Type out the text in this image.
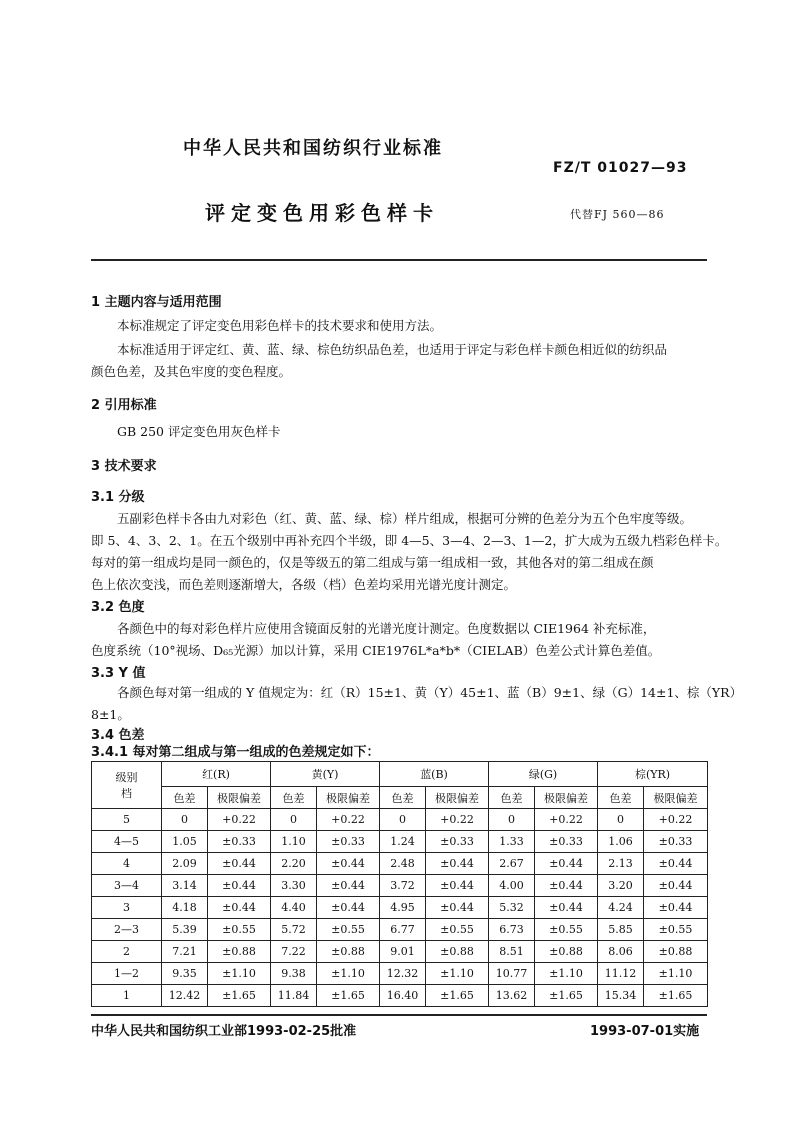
中华人民共和国纺织行业标准
FZ/T 01027—93
评定变色用彩色样卡	代替FJ 560—86
1 主题内容与适用范围
本标准规定了评定变色用彩色样卡的技术要求和使用方法。
本标准适用于评定红、黄、蓝、绿、棕色纺织品色差，也适用于评定与彩色样卡颜色相近似的纺织品
颜色色差，及其色牢度的变色程度。
2 引用标准
GB 250 评定变色用灰色样卡
3 技术要求
3.1 分级
五副彩色样卡各由九对彩色（红、黄、蓝、绿、棕）样片组成，根据可分辨的色差分为五个色牢度等级。
即 5、4、3、2、1。在五个级别中再补充四个半级，即 4—5、3—4、2—3、1—2，扩大成为五级九档彩色样卡。
每对的第一组成均是同一颜色的，仅是等级五的第二组成与第一组成相一致，其他各对的第二组成在颜
色上依次变浅，而色差则逐渐增大，各级（档）色差均采用光谱光度计测定。
3.2 色度
各颜色中的每对彩色样片应使用含镜面反射的光谱光度计测定。色度数据以 CIE1964 补充标准，
色度系统（10°视场、D₆₅光源）加以计算，采用 CIE1976L*a*b*（CIELAB）色差公式计算色差值。
3.3 Y 值
各颜色每对第一组成的 Y 值规定为：红（R）15±1、黄（Y）45±1、蓝（B）9±1、绿（G）14±1、棕（YR）
8±1。
3.4 色差
3.4.1 每对第二组成与第一组成的色差规定如下：
级别
档	红(R)		黄(Y)		蓝(B)		绿(G)		棕(YR)	
	色差	极限偏差	色差	极限偏差	色差	极限偏差	色差	极限偏差	色差	极限偏差
5	0	+0.22	0	+0.22	0	+0.22	0	+0.22	0	+0.22
4—5	1.05	±0.33	1.10	±0.33	1.24	±0.33	1.33	±0.33	1.06	±0.33
4	2.09	±0.44	2.20	±0.44	2.48	±0.44	2.67	±0.44	2.13	±0.44
3—4	3.14	±0.44	3.30	±0.44	3.72	±0.44	4.00	±0.44	3.20	±0.44
3	4.18	±0.44	4.40	±0.44	4.95	±0.44	5.32	±0.44	4.24	±0.44
2—3	5.39	±0.55	5.72	±0.55	6.77	±0.55	6.73	±0.55	5.85	±0.55
2	7.21	±0.88	7.22	±0.88	9.01	±0.88	8.51	±0.88	8.06	±0.88
1—2	9.35	±1.10	9.38	±1.10	12.32	±1.10	10.77	±1.10	11.12	±1.10
1	12.42	±1.65	11.84	±1.65	16.40	±1.65	13.62	±1.65	15.34	±1.65
中华人民共和国纺织工业部1993-02-25批准	1993-07-01实施
